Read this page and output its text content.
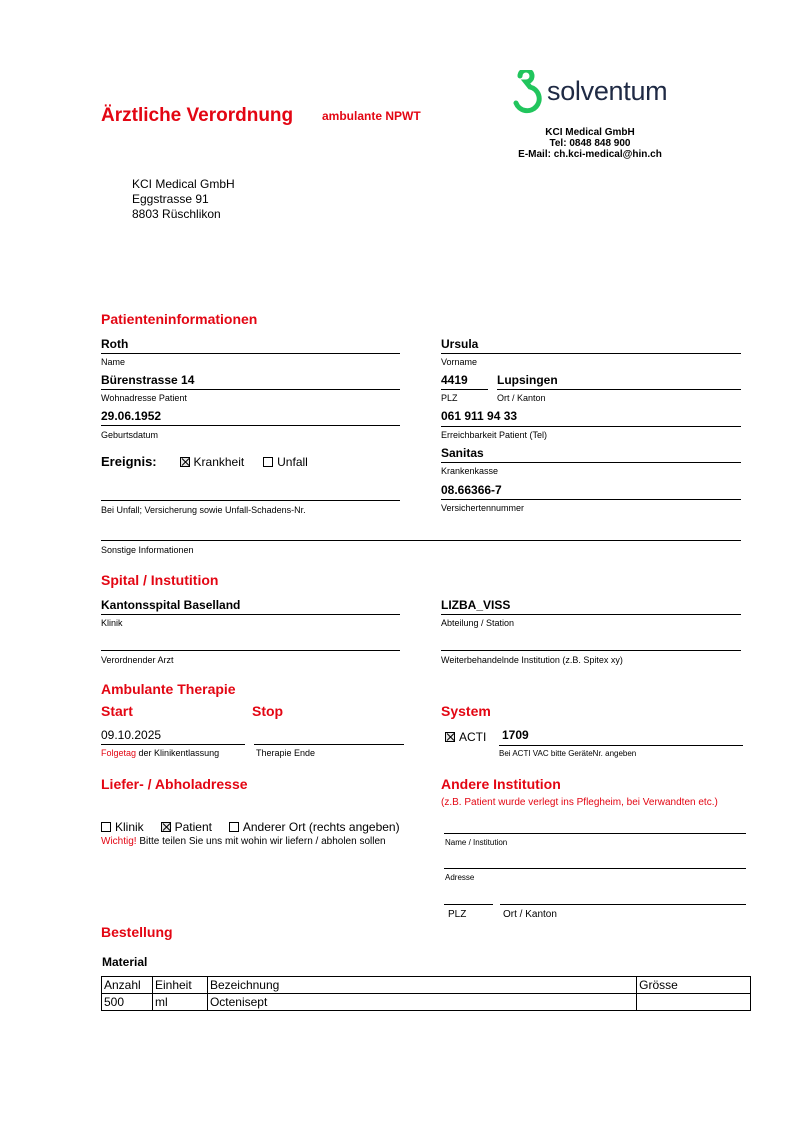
Ärztliche Verordnung ambulante NPWT
solventum
KCI Medical GmbH
Tel: 0848 848 900
E-Mail: ch.kci-medical@hin.ch
KCI Medical GmbH
Eggstrasse 91
8803 Rüschlikon
Patienteninformationen
Roth
Name
Bürenstrasse 14
Wohnadresse Patient
29.06.1952
Geburtsdatum
Ereignis:	Krankheit	Unfall
Bei Unfall; Versicherung sowie Unfall-Schadens-Nr.
Ursula
Vorname
4419
PLZ
Lupsingen
Ort / Kanton
061 911 94 33
Erreichbarkeit Patient (Tel)
Sanitas
Krankenkasse
08.66366-7
Versichertennummer
Sonstige Informationen
Spital / Instutition
Kantonsspital Baselland
Klinik
LIZBA_VISS
Abteilung / Station
Verordnender Arzt	Weiterbehandelnde Institution (z.B. Spitex xy)
Ambulante Therapie
Start	Stop	System
09.10.2025
Folgetag der Klinikentlassung	Therapie Ende
ACTI 1709
Bei ACTI VAC bitte GeräteNr. angeben
Liefer- / Abholadresse
Klinik	Patient	Anderer Ort (rechts angeben)
Wichtig! Bitte teilen Sie uns mit wohin wir liefern / abholen sollen
Andere Institution
(z.B. Patient wurde verlegt ins Pflegheim, bei Verwandten etc.)
Name / Institution
Adresse
PLZ	Ort / Kanton
Bestellung
Material
Anzahl	Einheit	Bezeichnung	Grösse
500	ml	Octenisept	
